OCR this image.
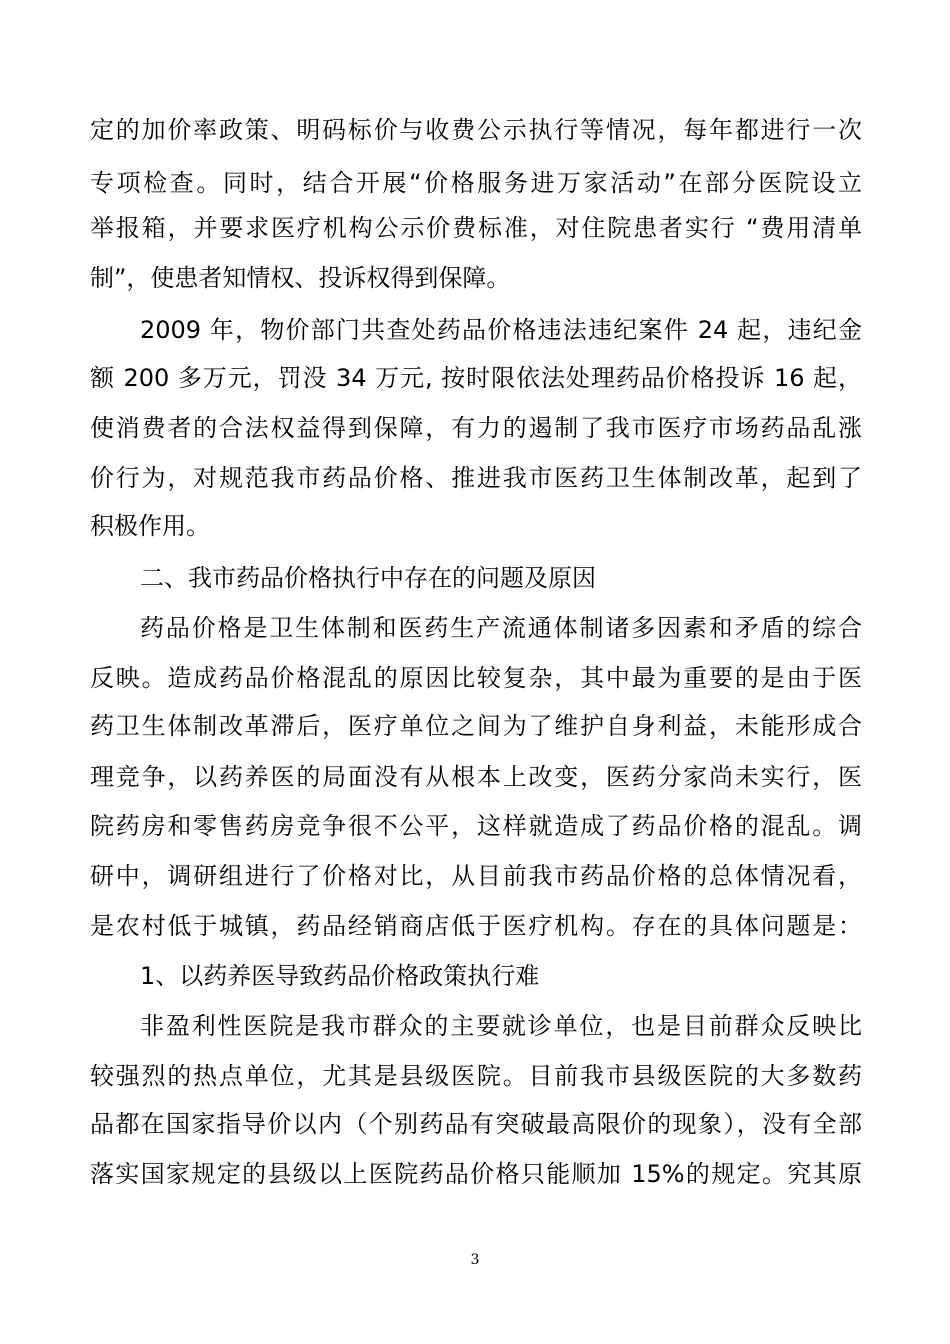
定的加价率政策、明码标价与收费公示执行等情况，每年都进行一次
专项检查。同时，结合开展“价格服务进万家活动”在部分医院设立
举报箱，并要求医疗机构公示价费标准，对住院患者实行 “费用清单
制”，使患者知情权、投诉权得到保障。
2009 年，物价部门共查处药品价格违法违纪案件 24 起，违纪金
额 200 多万元，罚没 34 万元, 按时限依法处理药品价格投诉 16 起，
使消费者的合法权益得到保障，有力的遏制了我市医疗市场药品乱涨
价行为，对规范我市药品价格、推进我市医药卫生体制改革，起到了
积极作用。
二、我市药品价格执行中存在的问题及原因
药品价格是卫生体制和医药生产流通体制诸多因素和矛盾的综合
反映。造成药品价格混乱的原因比较复杂，其中最为重要的是由于医
药卫生体制改革滞后，医疗单位之间为了维护自身利益，未能形成合
理竞争，以药养医的局面没有从根本上改变，医药分家尚未实行，医
院药房和零售药房竞争很不公平，这样就造成了药品价格的混乱。调
研中，调研组进行了价格对比，从目前我市药品价格的总体情况看，
是农村低于城镇，药品经销商店低于医疗机构。存在的具体问题是：
1、以药养医导致药品价格政策执行难
非盈利性医院是我市群众的主要就诊单位，也是目前群众反映比
较强烈的热点单位，尤其是县级医院。目前我市县级医院的大多数药
品都在国家指导价以内（个别药品有突破最高限价的现象），没有全部
落实国家规定的县级以上医院药品价格只能顺加 15%的规定。究其原
3
